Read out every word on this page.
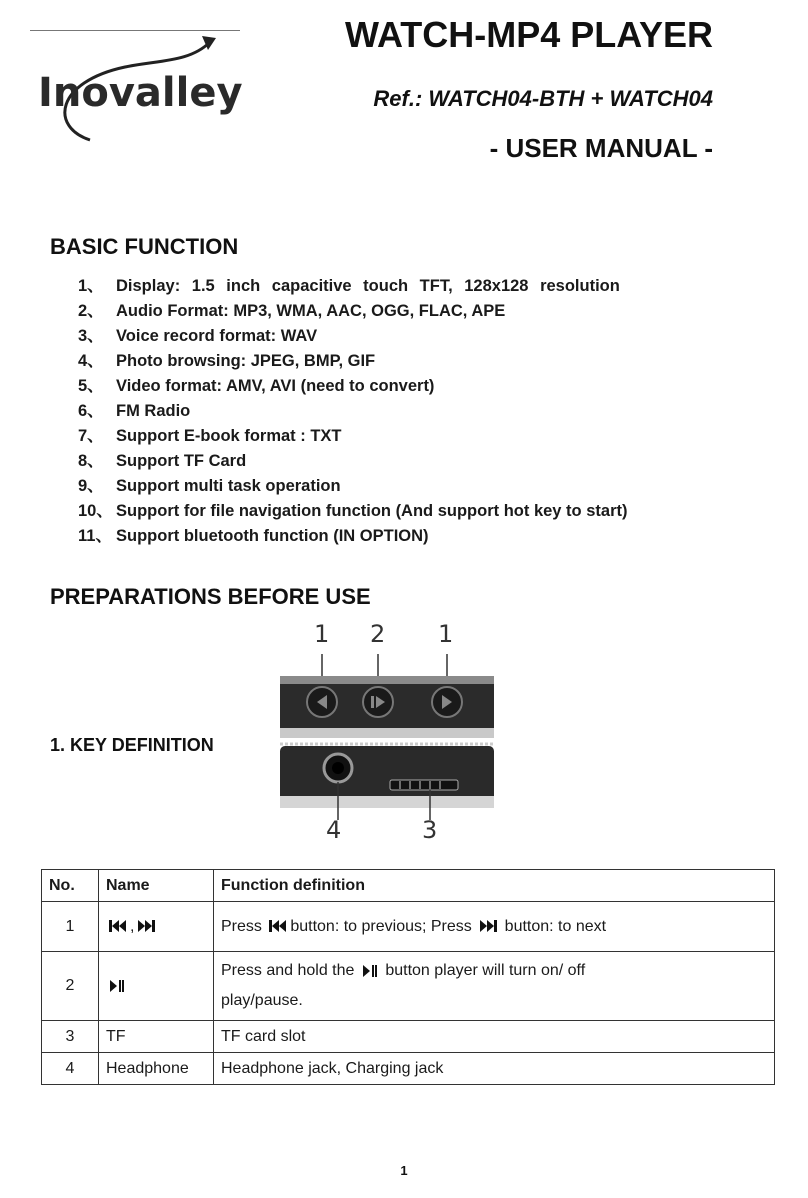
Inovalley
WATCH-MP4 PLAYER
Ref.: WATCH04-BTH + WATCH04
- USER MANUAL -
BASIC FUNCTION
1、 Display: 1.5 inch capacitive touch TFT, 128x128 resolution
2、 Audio Format: MP3, WMA, AAC, OGG, FLAC, APE
3、 Voice record format: WAV
4、 Photo browsing: JPEG, BMP, GIF
5、 Video format: AMV, AVI (need to convert)
6、 FM Radio
7、 Support E-book format : TXT
8、 Support TF Card
9、 Support multi task operation
10、 Support for file navigation function (And support hot key to start)
11、 Support bluetooth function (IN OPTION)
PREPARATIONS BEFORE USE
1. KEY DEFINITION
1 2 1
4	3
No.	Name	Function definition
1	,	Press button: to previous; Press  button: to next
2		Press and hold the  button player will turn on/ off
play/pause.
3	TF	TF card slot
4	Headphone	Headphone jack, Charging jack
1
